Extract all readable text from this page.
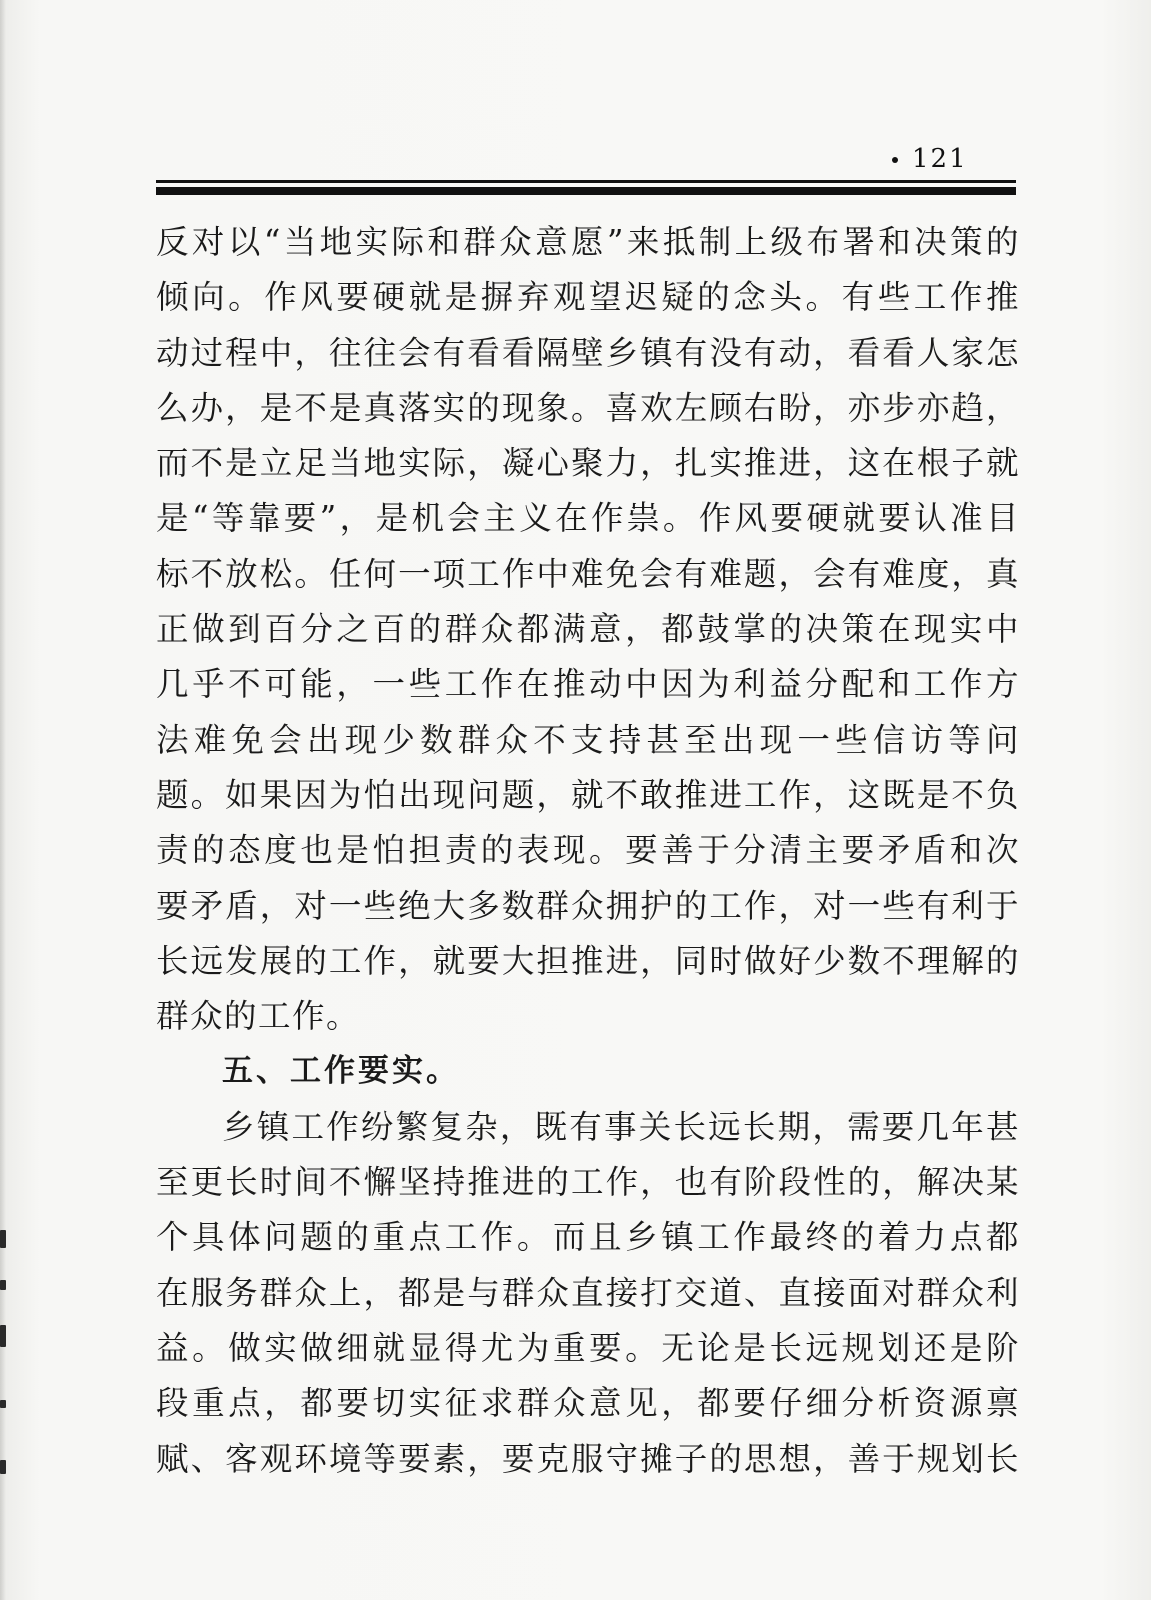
121
反对以“当地实际和群众意愿”来抵制上级布署和决策的
倾向。作风要硬就是摒弃观望迟疑的念头。有些工作推
动过程中，往往会有看看隔壁乡镇有没有动，看看人家怎
么办，是不是真落实的现象。喜欢左顾右盼，亦步亦趋，
而不是立足当地实际，凝心聚力，扎实推进，这在根子就
是“等靠要”，是机会主义在作祟。作风要硬就要认准目
标不放松。任何一项工作中难免会有难题，会有难度，真
正做到百分之百的群众都满意，都鼓掌的决策在现实中
几乎不可能，一些工作在推动中因为利益分配和工作方
法难免会出现少数群众不支持甚至出现一些信访等问
题。如果因为怕出现问题，就不敢推进工作，这既是不负
责的态度也是怕担责的表现。要善于分清主要矛盾和次
要矛盾，对一些绝大多数群众拥护的工作，对一些有利于
长远发展的工作，就要大担推进，同时做好少数不理解的
群众的工作。
五、工作要实。
乡镇工作纷繁复杂，既有事关长远长期，需要几年甚
至更长时间不懈坚持推进的工作，也有阶段性的，解决某
个具体问题的重点工作。而且乡镇工作最终的着力点都
在服务群众上，都是与群众直接打交道、直接面对群众利
益。做实做细就显得尤为重要。无论是长远规划还是阶
段重点，都要切实征求群众意见，都要仔细分析资源禀
赋、客观环境等要素，要克服守摊子的思想，善于规划长
